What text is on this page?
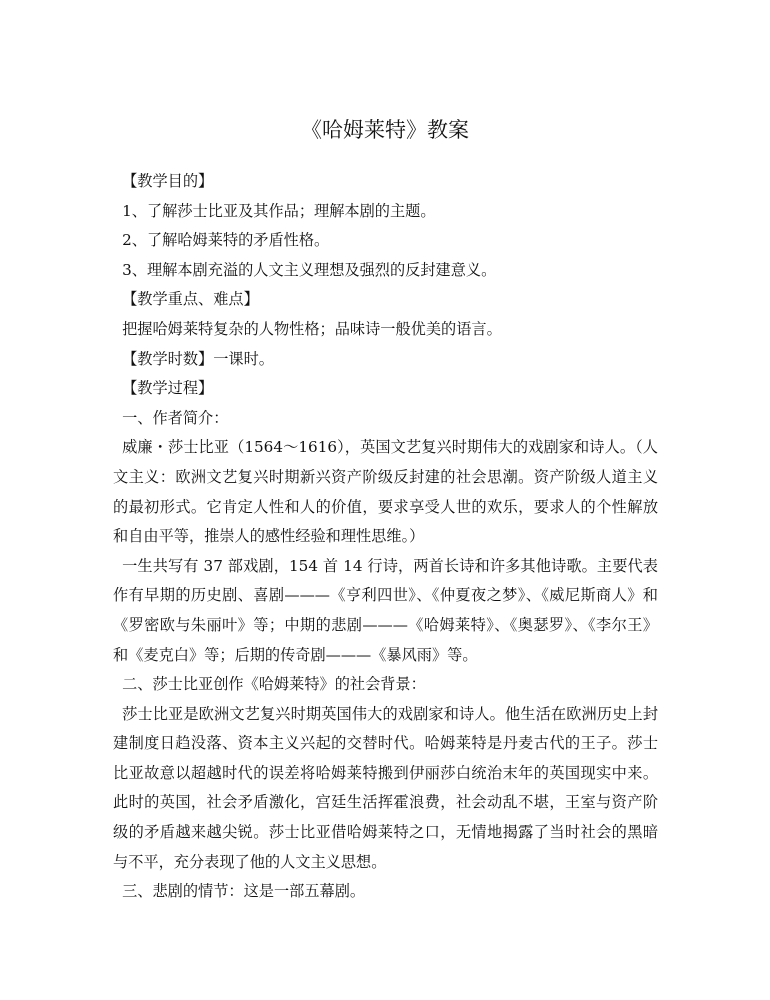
《哈姆莱特》教案

【教学目的】

1、了解莎士比亚及其作品；理解本剧的主题。

2、了解哈姆莱特的矛盾性格。

3、理解本剧充溢的人文主义理想及强烈的反封建意义。

【教学重点、难点】

把握哈姆莱特复杂的人物性格；品味诗一般优美的语言。

【教学时数】一课时。

【教学过程】

一、作者简介：

威廉・莎士比亚（1564～1616），英国文艺复兴时期伟大的戏剧家和诗人。（人文主义：欧洲文艺复兴时期新兴资产阶级反封建的社会思潮。资产阶级人道主义的最初形式。它肯定人性和人的价值，要求享受人世的欢乐，要求人的个性解放和自由平等，推崇人的感性经验和理性思维。）

一生共写有 37 部戏剧，154 首 14 行诗，两首长诗和许多其他诗歌。主要代表作有早期的历史剧、喜剧———《亨利四世》、《仲夏夜之梦》、《威尼斯商人》和《罗密欧与朱丽叶》等；中期的悲剧———《哈姆莱特》、《奥瑟罗》、《李尔王》和《麦克白》等；后期的传奇剧———《暴风雨》等。

二、莎士比亚创作《哈姆莱特》的社会背景：

莎士比亚是欧洲文艺复兴时期英国伟大的戏剧家和诗人。他生活在欧洲历史上封建制度日趋没落、资本主义兴起的交替时代。哈姆莱特是丹麦古代的王子。莎士比亚故意以超越时代的误差将哈姆莱特搬到伊丽莎白统治末年的英国现实中来。此时的英国，社会矛盾激化，宫廷生活挥霍浪费，社会动乱不堪，王室与资产阶级的矛盾越来越尖锐。莎士比亚借哈姆莱特之口，无情地揭露了当时社会的黑暗与不平，充分表现了他的人文主义思想。

三、悲剧的情节：这是一部五幕剧。
